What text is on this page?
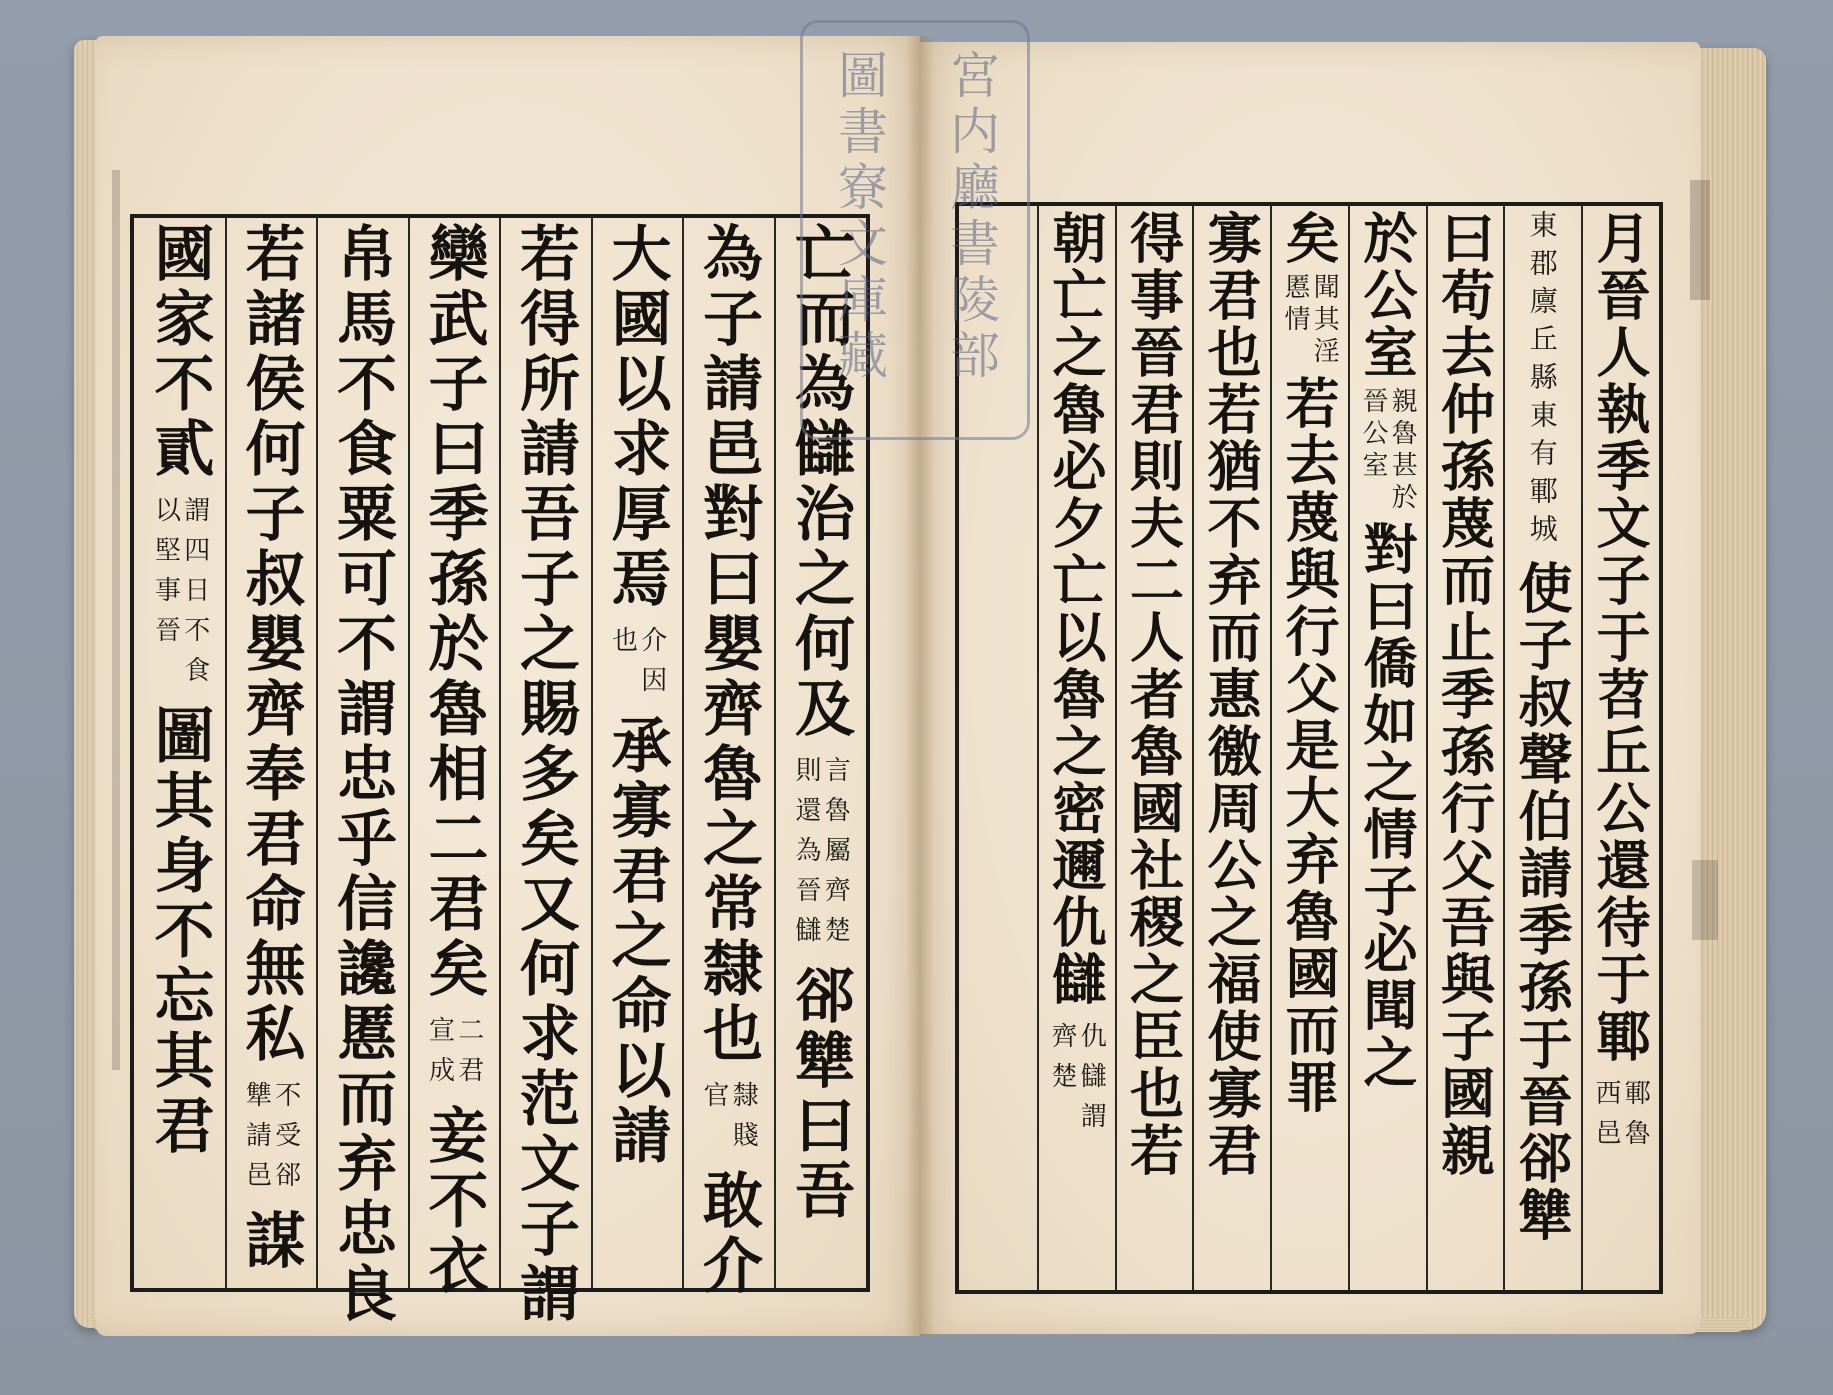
亡而為讎治之何及
言魯屬齊楚
則還為晉讎
郤犨曰吾
為子請邑對曰嬰齊魯之常隸也
隸賤
官
敢介
大國以求厚焉
介因
也
承寡君之命以請
若得所請吾子之賜多矣又何求范文子謂
欒武子曰季孫於魯相二君矣
二君
宣成
妾不衣
帛馬不食粟可不謂忠乎信讒慝而弃忠良
若諸侯何子叔嬰齊奉君命無私
不受郤
犨請邑
謀
國家不貳
謂四日不食
以堅事晉
圖其身不忘其君	月晉人執季文子于苕丘公還待于鄆
鄆魯
西邑
東郡廪丘縣東有鄆城
使子叔聲伯請季孫于晉郤犨
曰苟去仲孫蔑而止季孫行父吾與子國親
於公室
親魯甚於
晉公室
對曰僑如之情子必聞之
矣
聞其淫
慝情
若去蔑與行父是大弃魯國而罪
寡君也若猶不弃而惠徼周公之福使寡君
得事晉君則夫二人者魯國社稷之臣也若
朝亡之魯必夕亡以魯之密邇仇讎
仇讎謂
齊楚
宮内廳書陵部
圖書寮文庫藏
